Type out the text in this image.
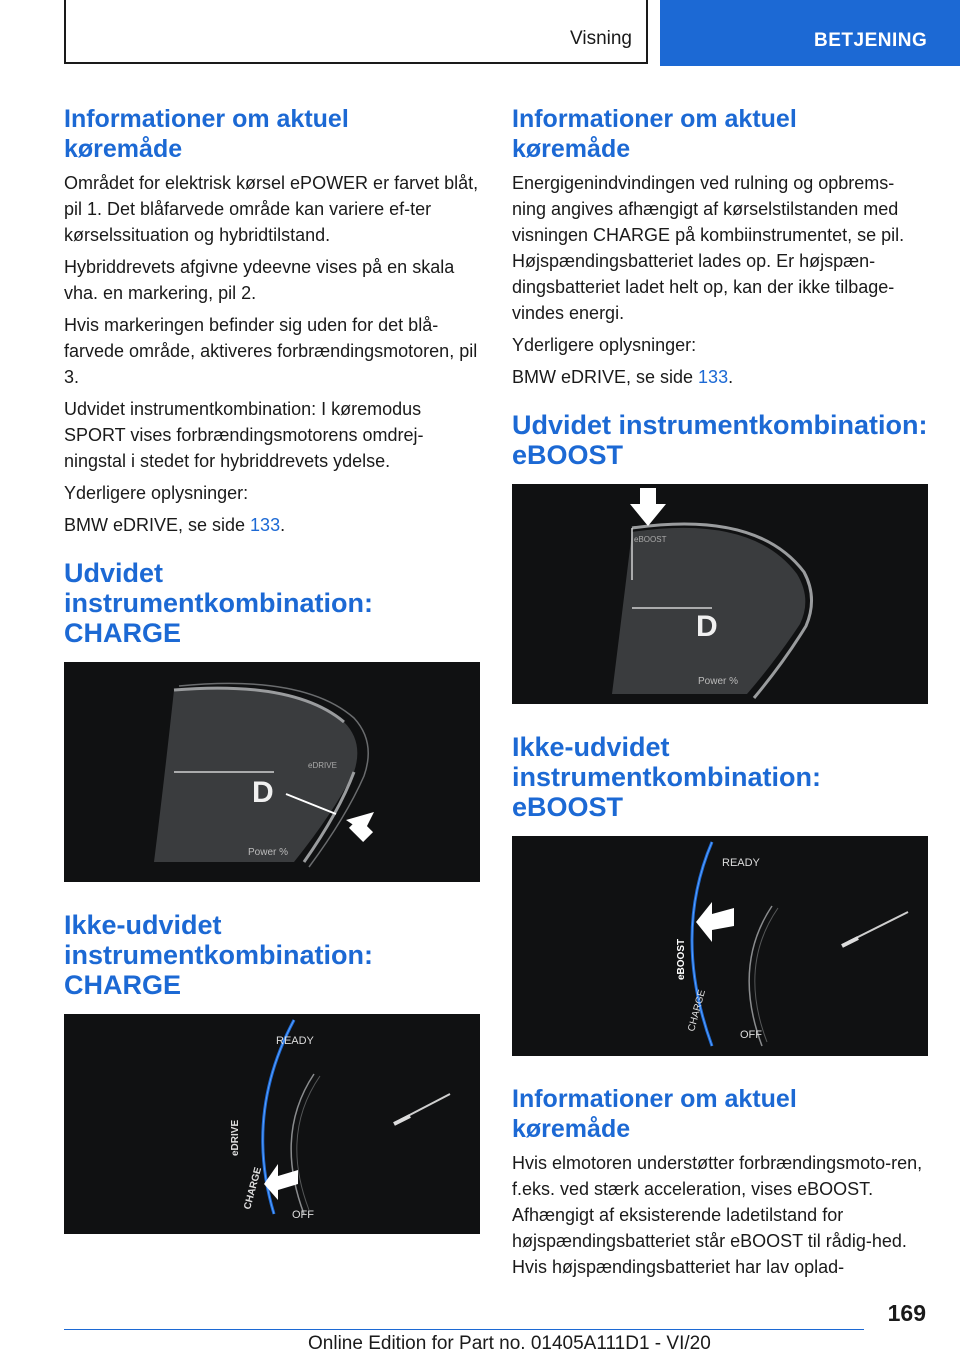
Visning	BETJENING
Informationer om aktuel køremåde

Området for elektrisk kørsel ePOWER er farvet blåt, pil 1. Det blåfarvede område kan variere ef‐ter kørselssituation og hybridtilstand.

Hybriddrevets afgivne ydeevne vises på en skala vha. en markering, pil 2.

Hvis markeringen befinder sig uden for det blå‐farvede område, aktiveres forbrændingsmotoren, pil 3.

Udvidet instrumentkombination: I køremodus SPORT vises forbrændingsmotorens omdrej‐ningstal i stedet for hybriddrevets ydelse.

Yderligere oplysninger:

BMW eDRIVE, se side 133.

Udvidet instrumentkombination: CHARGE
D
eDRIVE
Power %
Ikke-udvidet instrumentkombination: CHARGE
READY
OFF
eDRIVE
CHARGE
Informationer om aktuel køremåde

Energigenindvindingen ved rulning og opbrems‐ning angives afhængigt af kørselstilstanden med visningen CHARGE på kombiinstrumentet, se pil. Højspændingsbatteriet lades op. Er højspæn‐dingsbatteriet ladet helt op, kan der ikke tilbage‐vindes energi.

Yderligere oplysninger:

BMW eDRIVE, se side 133.

Udvidet instrumentkombination: eBOOST
D
eBOOST
Power %
Ikke-udvidet instrumentkombination: eBOOST
READY
OFF
eBOOST
CHARGE
Informationer om aktuel køremåde

Hvis elmotoren understøtter forbrændingsmoto‐ren, f.eks. ved stærk acceleration, vises eBOOST. Afhængigt af eksisterende ladetilstand for højspændingsbatteriet står eBOOST til rådig‐hed. Hvis højspændingsbatteriet har lav oplad‐

169
Online Edition for Part no. 01405A111D1 - VI/20
